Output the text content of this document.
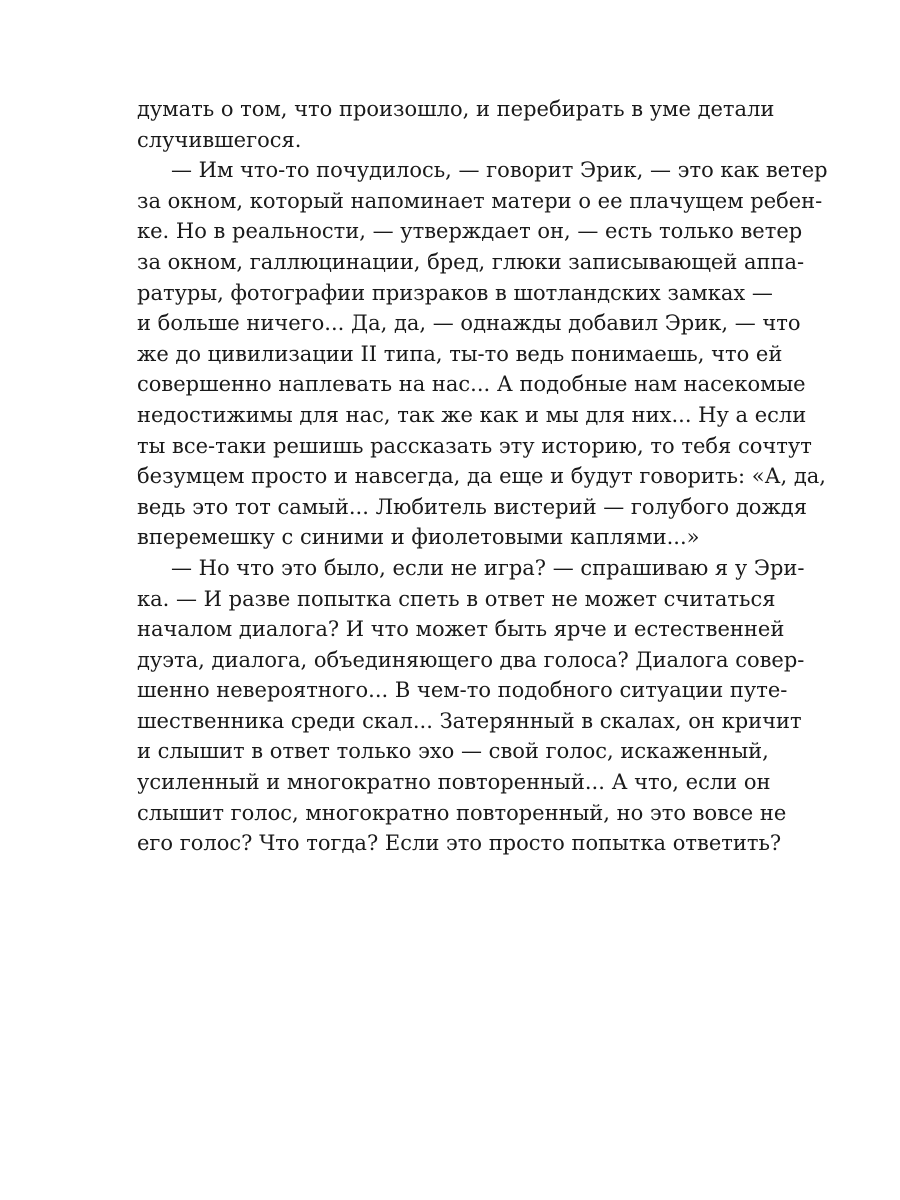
думать о том, что произошло, и перебирать в уме детали
случившегося.
— Им что-то почудилось, — говорит Эрик, — это как ветер
за окном, который напоминает матери о ее плачущем ребен-
ке. Но в реальности, — утверждает он, — есть только ветер
за окном, галлюцинации, бред, глюки записывающей аппа-
ратуры, фотографии призраков в шотландских замках —
и больше ничего... Да, да, — однажды добавил Эрик, — что
же до цивилизации II типа, ты-то ведь понимаешь, что ей
совершенно наплевать на нас... А подобные нам насекомые
недостижимы для нас, так же как и мы для них... Ну а если
ты все-таки решишь рассказать эту историю, то тебя сочтут
безумцем просто и навсегда, да еще и будут говорить: «А, да,
ведь это тот самый... Любитель вистерий — голубого дождя
вперемешку с синими и фиолетовыми каплями...»
— Но что это было, если не игра? — спрашиваю я у Эри-
ка. — И разве попытка спеть в ответ не может считаться
началом диалога? И что может быть ярче и естественней
дуэта, диалога, объединяющего два голоса? Диалога совер-
шенно невероятного... В чем-то подобного ситуации путе-
шественника среди скал... Затерянный в скалах, он кричит
и слышит в ответ только эхо — свой голос, искаженный,
усиленный и многократно повторенный... А что, если он
слышит голос, многократно повторенный, но это вовсе не
его голос? Что тогда? Если это просто попытка ответить?
